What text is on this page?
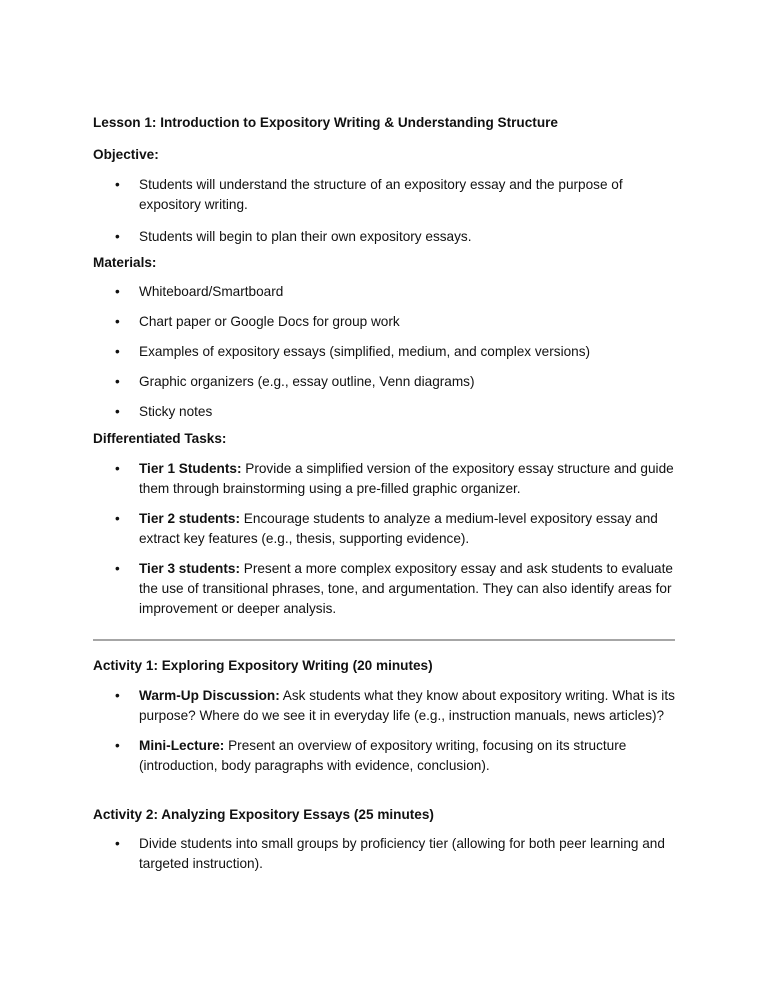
Lesson 1: Introduction to Expository Writing & Understanding Structure
Objective:
• Students will understand the structure of an expository essay and the purpose of expository writing.
• Students will begin to plan their own expository essays.
Materials:
• Whiteboard/Smartboard
• Chart paper or Google Docs for group work
• Examples of expository essays (simplified, medium, and complex versions)
• Graphic organizers (e.g., essay outline, Venn diagrams)
• Sticky notes
Differentiated Tasks:
• Tier 1 Students: Provide a simplified version of the expository essay structure and guide them through brainstorming using a pre-filled graphic organizer.
• Tier 2 students: Encourage students to analyze a medium-level expository essay and extract key features (e.g., thesis, supporting evidence).
• Tier 3 students: Present a more complex expository essay and ask students to evaluate the use of transitional phrases, tone, and argumentation. They can also identify areas for improvement or deeper analysis.
Activity 1: Exploring Expository Writing (20 minutes)
• Warm-Up Discussion: Ask students what they know about expository writing. What is its purpose? Where do we see it in everyday life (e.g., instruction manuals, news articles)?
• Mini-Lecture: Present an overview of expository writing, focusing on its structure (introduction, body paragraphs with evidence, conclusion).
Activity 2: Analyzing Expository Essays (25 minutes)
• Divide students into small groups by proficiency tier (allowing for both peer learning and targeted instruction).
